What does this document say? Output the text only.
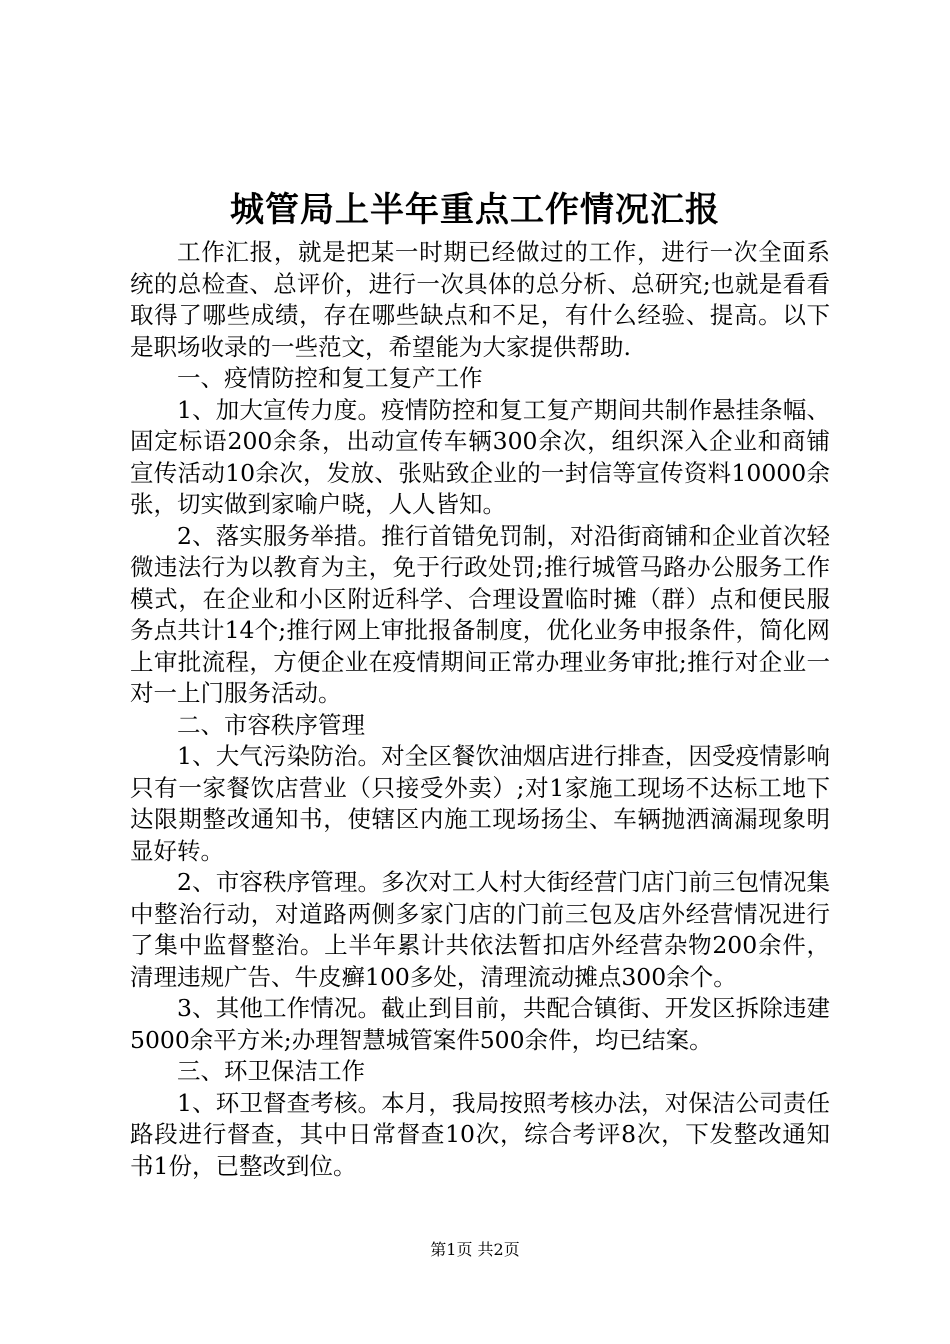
城管局上半年重点工作情况汇报

工作汇报，就是把某一时期已经做过的工作，进行一次全面系统的总检查、总评价，进行一次具体的总分析、总研究;也就是看看取得了哪些成绩，存在哪些缺点和不足，有什么经验、提高。以下是职场收录的一些范文，希望能为大家提供帮助.

一、疫情防控和复工复产工作

1、加大宣传力度。疫情防控和复工复产期间共制作悬挂条幅、固定标语200余条，出动宣传车辆300余次，组织深入企业和商铺宣传活动10余次，发放、张贴致企业的一封信等宣传资料10000余张，切实做到家喻户晓，人人皆知。

2、落实服务举措。推行首错免罚制，对沿街商铺和企业首次轻微违法行为以教育为主，免于行政处罚;推行城管马路办公服务工作模式，在企业和小区附近科学、合理设置临时摊（群）点和便民服务点共计14个;推行网上审批报备制度，优化业务申报条件，简化网上审批流程，方便企业在疫情期间正常办理业务审批;推行对企业一对一上门服务活动。

二、市容秩序管理

1、大气污染防治。对全区餐饮油烟店进行排查，因受疫情影响只有一家餐饮店营业（只接受外卖）;对1家施工现场不达标工地下达限期整改通知书，使辖区内施工现场扬尘、车辆抛洒滴漏现象明显好转。

2、市容秩序管理。多次对工人村大街经营门店门前三包情况集中整治行动，对道路两侧多家门店的门前三包及店外经营情况进行了集中监督整治。上半年累计共依法暂扣店外经营杂物200余件，清理违规广告、牛皮癣100多处，清理流动摊点300余个。

3、其他工作情况。截止到目前，共配合镇街、开发区拆除违建5000余平方米;办理智慧城管案件500余件，均已结案。

三、环卫保洁工作

1、环卫督查考核。本月，我局按照考核办法，对保洁公司责任路段进行督查，其中日常督查10次，综合考评8次，下发整改通知书1份，已整改到位。

第1页 共2页
